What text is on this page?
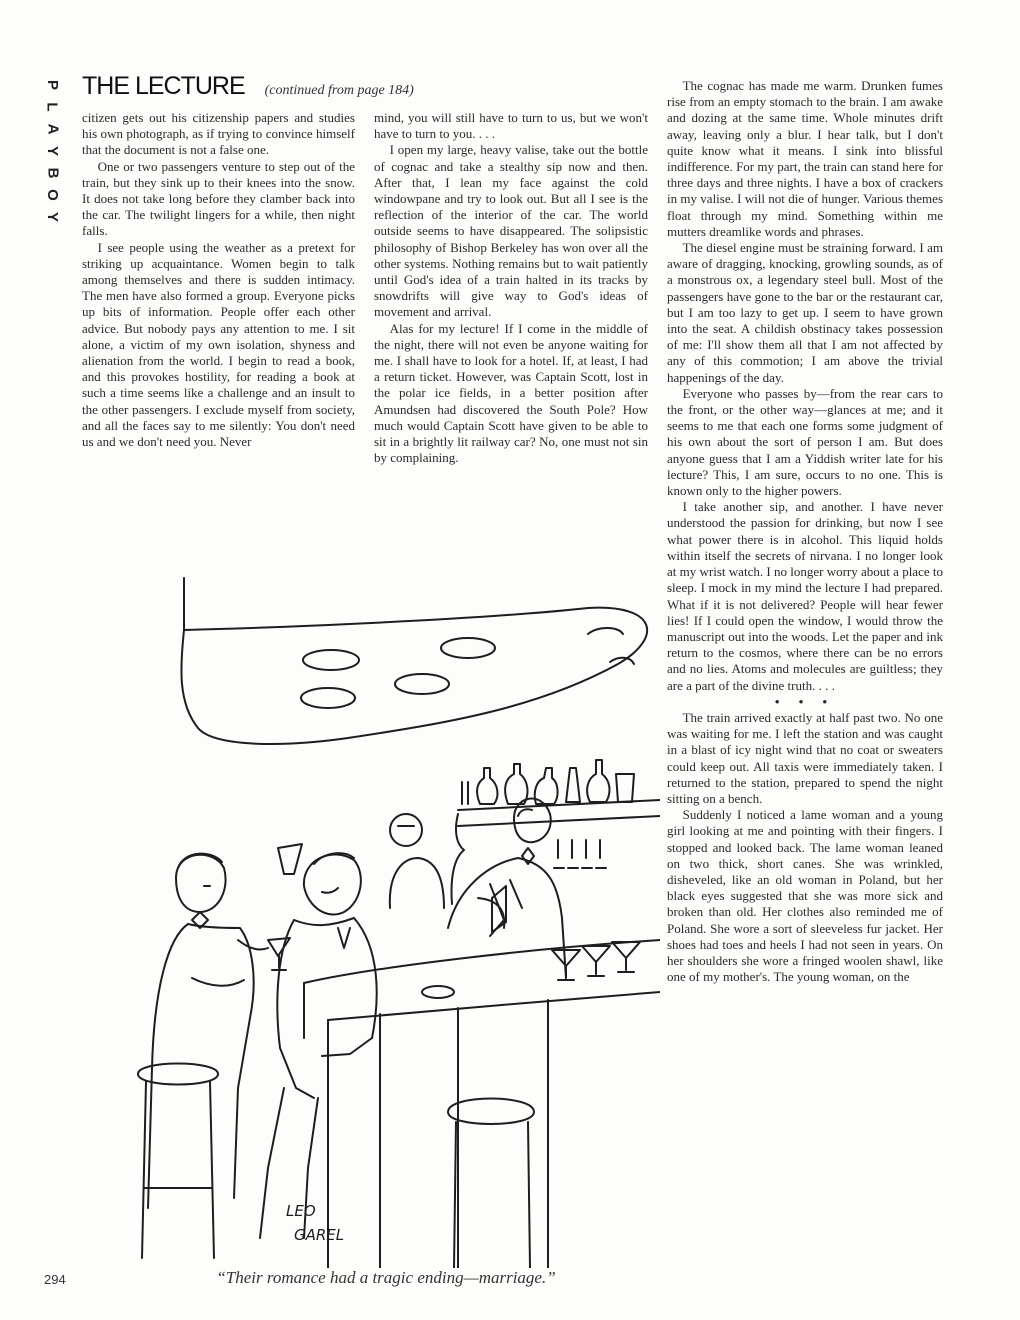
P
L
A
Y
B
O
Y
THE LECTURE (continued from page 184)

citizen gets out his citizenship papers and studies his own photograph, as if trying to convince himself that the document is not a false one.

One or two passengers venture to step out of the train, but they sink up to their knees into the snow. It does not take long before they clamber back into the car. The twilight lingers for a while, then night falls.

I see people using the weather as a pretext for striking up acquaintance. Women begin to talk among themselves and there is sudden intimacy. The men have also formed a group. Everyone picks up bits of information. People offer each other advice. But nobody pays any attention to me. I sit alone, a victim of my own isolation, shyness and alienation from the world. I begin to read a book, and this provokes hostility, for reading a book at such a time seems like a challenge and an insult to the other passengers. I exclude myself from society, and all the faces say to me silently: You don't need us and we don't need you. Never

mind, you will still have to turn to us, but we won't have to turn to you. . . .

I open my large, heavy valise, take out the bottle of cognac and take a stealthy sip now and then. After that, I lean my face against the cold windowpane and try to look out. But all I see is the reflection of the interior of the car. The world outside seems to have disappeared. The solipsistic philosophy of Bishop Berkeley has won over all the other systems. Nothing remains but to wait patiently until God's idea of a train halted in its tracks by snowdrifts will give way to God's ideas of movement and arrival.

Alas for my lecture! If I come in the middle of the night, there will not even be anyone waiting for me. I shall have to look for a hotel. If, at least, I had a return ticket. However, was Captain Scott, lost in the polar ice fields, in a better position after Amundsen had discovered the South Pole? How much would Captain Scott have given to be able to sit in a brightly lit railway car? No, one must not sin by complaining.

The cognac has made me warm. Drunken fumes rise from an empty stomach to the brain. I am awake and dozing at the same time. Whole minutes drift away, leaving only a blur. I hear talk, but I don't quite know what it means. I sink into blissful indifference. For my part, the train can stand here for three days and three nights. I have a box of crackers in my valise. I will not die of hunger. Various themes float through my mind. Something within me mutters dreamlike words and phrases.

The diesel engine must be straining forward. I am aware of dragging, knocking, growling sounds, as of a monstrous ox, a legendary steel bull. Most of the passengers have gone to the bar or the restaurant car, but I am too lazy to get up. I seem to have grown into the seat. A childish obstinacy takes possession of me: I'll show them all that I am not affected by any of this commotion; I am above the trivial happenings of the day.

Everyone who passes by—from the rear cars to the front, or the other way—glances at me; and it seems to me that each one forms some judgment of his own about the sort of person I am. But does anyone guess that I am a Yiddish writer late for his lecture? This, I am sure, occurs to no one. This is known only to the higher powers.

I take another sip, and another. I have never understood the passion for drinking, but now I see what power there is in alcohol. This liquid holds within itself the secrets of nirvana. I no longer look at my wrist watch. I no longer worry about a place to sleep. I mock in my mind the lecture I had prepared. What if it is not delivered? People will hear fewer lies! If I could open the window, I would throw the manuscript out into the woods. Let the paper and ink return to the cosmos, where there can be no errors and no lies. Atoms and molecules are guiltless; they are a part of the divine truth. . . .

• • •

The train arrived exactly at half past two. No one was waiting for me. I left the station and was caught in a blast of icy night wind that no coat or sweaters could keep out. All taxis were immediately taken. I returned to the station, prepared to spend the night sitting on a bench.

Suddenly I noticed a lame woman and a young girl looking at me and pointing with their fingers. I stopped and looked back. The lame woman leaned on two thick, short canes. She was wrinkled, disheveled, like an old woman in Poland, but her black eyes suggested that she was more sick and broken than old. Her clothes also reminded me of Poland. She wore a sort of sleeveless fur jacket. Her shoes had toes and heels I had not seen in years. On her shoulders she wore a fringed woolen shawl, like one of my mother's. The young woman, on the

LEO
GAREL
“Their romance had a tragic ending—marriage.”
294
